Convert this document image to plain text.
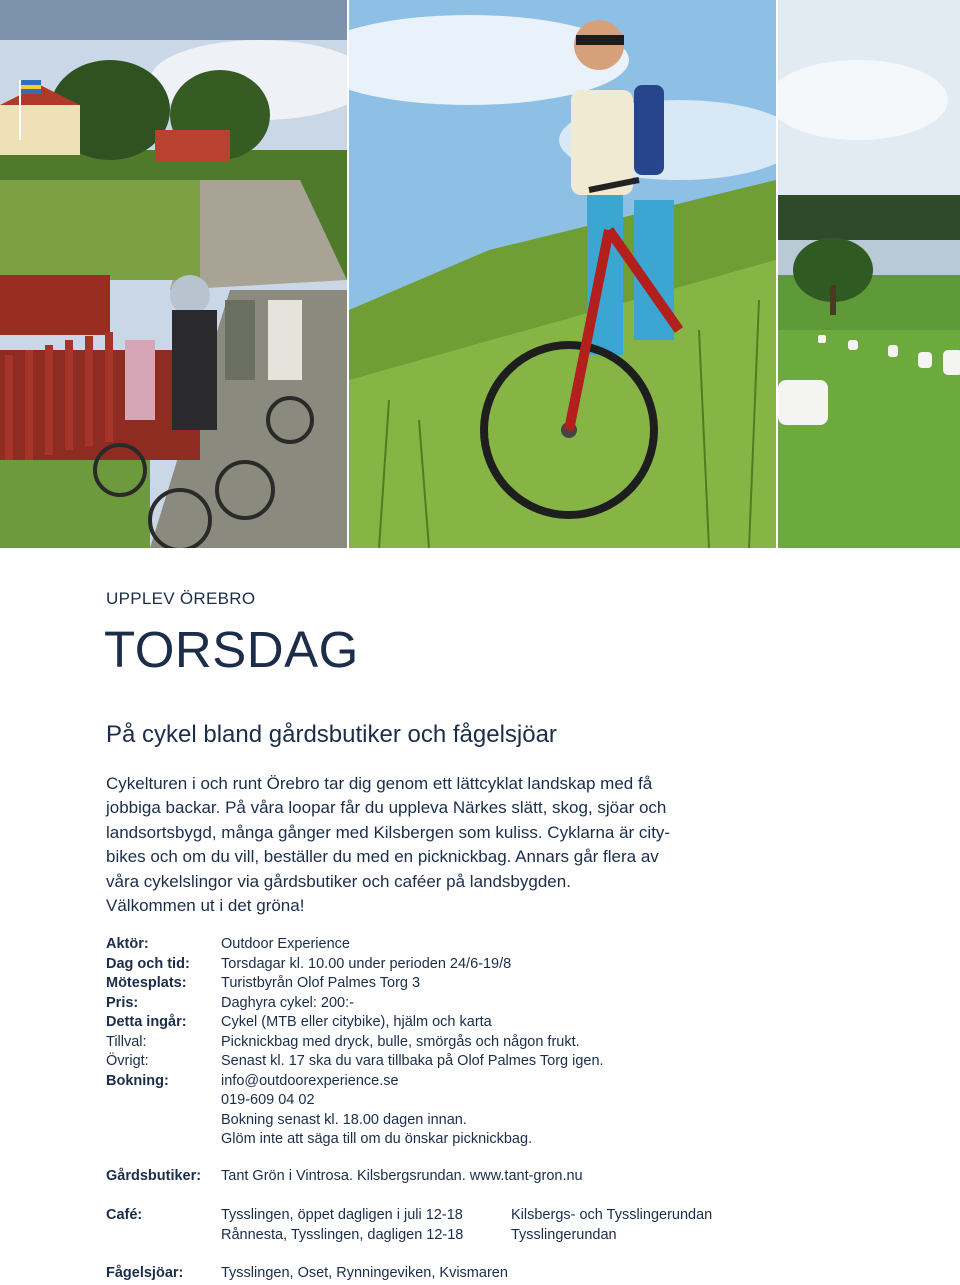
UPPLEV ÖREBRO
TORSDAG
På cykel bland gårdsbutiker och fågelsjöar
Cykelturen i och runt Örebro tar dig genom ett lättcyklat landskap med få
jobbiga backar. På våra loopar får du uppleva Närkes slätt, skog, sjöar och
landsortsbygd, många gånger med Kilsbergen som kuliss. Cyklarna är city-
bikes och om du vill, beställer du med en picknickbag. Annars går flera av
våra cykelslingor via gårdsbutiker och caféer på landsbygden.
Välkommen ut i det gröna!
Aktör:	Outdoor Experience
Dag och tid:	Torsdagar kl. 10.00 under perioden 24/6-19/8
Mötesplats:	Turistbyrån Olof Palmes Torg 3
Pris:	Daghyra cykel: 200:-
Detta ingår:	Cykel (MTB eller citybike), hjälm och karta
Tillval:	Picknickbag med dryck, bulle, smörgås och någon frukt.
Övrigt:	Senast kl. 17 ska du vara tillbaka på Olof Palmes Torg igen.
Bokning:	info@outdoorexperience.se
019-609 04 02
Bokning senast kl. 18.00 dagen innan.
Glöm inte att säga till om du önskar picknickbag.
Gårdsbutiker:	Tant Grön i Vintrosa. Kilsbergsrundan. www.tant-gron.nu
Café:	Tysslingen, öppet dagligen i juli 12-18	Kilsbergs- och Tysslingerundan
Rånnesta, Tysslingen, dagligen 12-18	Tysslingerundan
Fågelsjöar:	Tysslingen, Oset, Rynningeviken, Kvismaren
